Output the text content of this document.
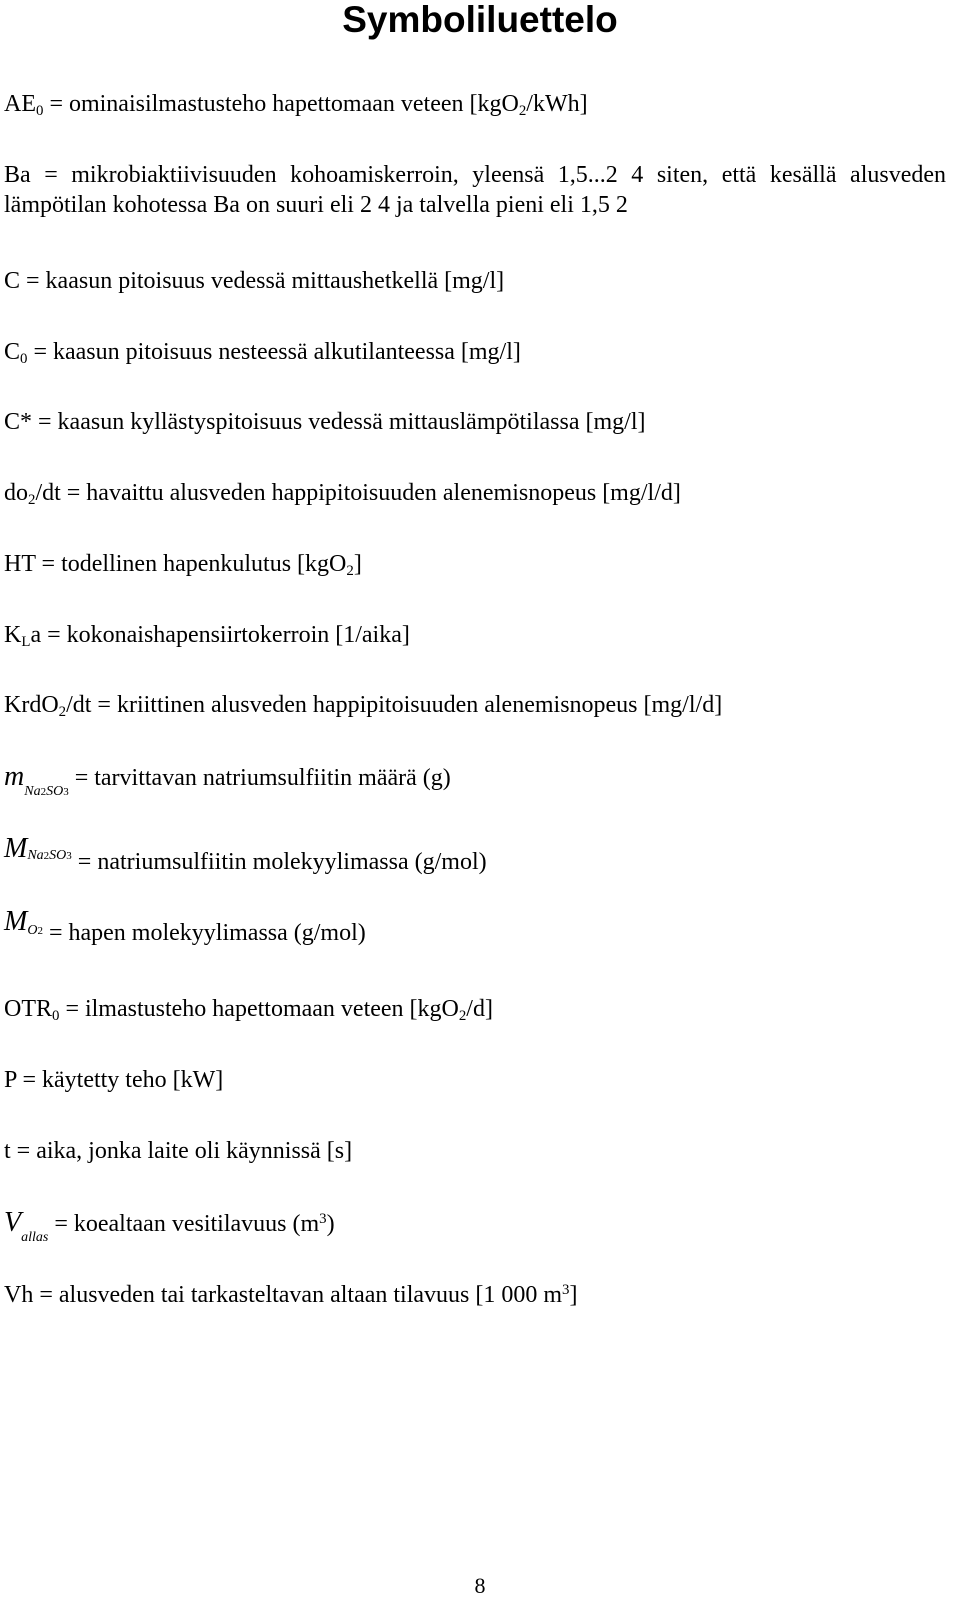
Symboliluettelo
$AE_0$ = ominaisilmastusteho hapettomaan veteen [kgO$_2$/kWh]
Ba = mikrobiaktiivisuuden kohoamiskerroin, yleensä 1,5...2 4 siten, että kesällä alusveden lämpötilan kohotessa Ba on suuri eli 2 4 ja talvella pieni eli 1,5 2
C = kaasun pitoisuus vedessä mittaushetkellä [mg/l]
$C_0$ = kaasun pitoisuus nesteessä alkutilanteessa [mg/l]
C* = kaasun kyllästyspitoisuus vedessä mittauslämpötilassa [mg/l]
$do_2/dt$ = havaittu alusveden happipitoisuuden alenemisnopeus [mg/l/d]
HT = todellinen hapenkulutus [kgO$_2$]
$K_La$ = kokonaishapensiirtokerroin [1/aika]
KrdO$_2$/dt = kriittinen alusveden happipitoisuuden alenemisnopeus [mg/l/d]
$m_{Na2SO3}$ = tarvittavan natriumsulfiitin määrä (g)
MNa2SO3 = natriumsulfiitin molekyylimassa (g/mol)
MO2 = hapen molekyylimassa (g/mol)
$OTR_0$ = ilmastusteho hapettomaan veteen [kgO$_2$/d]
P = käytetty teho [kW]
t = aika, jonka laite oli käynnissä [s]
$V_{allas}$ = koealtaan vesitilavuus $(m^3)$
Vh = alusveden tai tarkasteltavan altaan tilavuus [1 000 $m^3$]
8
